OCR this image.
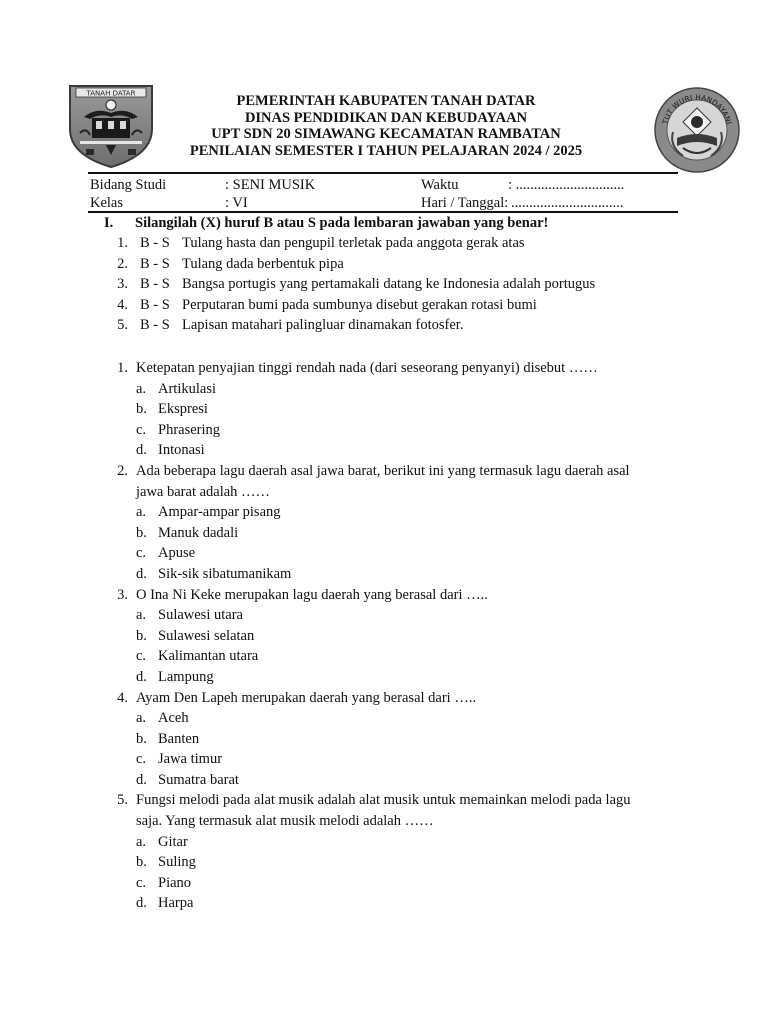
TANAH DATAR
TUT WURI HANDAYANI
PEMERINTAH KABUPATEN TANAH DATAR
DINAS PENDIDIKAN DAN KEBUDAYAAN
UPT SDN 20 SIMAWANG KECAMATAN RAMBATAN
PENILAIAN SEMESTER I TAHUN PELAJARAN 2024 / 2025
Bidang Studi	: SENI MUSIK	Waktu	: ..............................
Kelas	: VI	Hari / Tanggal: ...............................
I. Silangilah (X) huruf B atau S pada lembaran jawaban yang benar!
1. B - S Tulang hasta dan pengupil terletak pada anggota gerak atas
2. B - S Tulang dada berbentuk pipa
3. B - S Bangsa portugis yang pertamakali datang ke Indonesia adalah portugus
4. B - S Perputaran bumi pada sumbunya disebut gerakan rotasi bumi
5. B - S Lapisan matahari palingluar dinamakan fotosfer.
1. Ketepatan penyajian tinggi rendah nada (dari seseorang penyanyi) disebut ……
a. Artikulasi
b. Ekspresi
c. Phrasering
d. Intonasi
2. Ada beberapa lagu daerah asal jawa barat, berikut ini yang termasuk lagu daerah asal jawa barat adalah ……
a. Ampar-ampar pisang
b. Manuk dadali
c. Apuse
d. Sik-sik sibatumanikam
3. O Ina Ni Keke merupakan lagu daerah yang berasal dari …..
a. Sulawesi utara
b. Sulawesi selatan
c. Kalimantan utara
d. Lampung
4. Ayam Den Lapeh merupakan daerah yang berasal dari …..
a. Aceh
b. Banten
c. Jawa timur
d. Sumatra barat
5. Fungsi melodi pada alat musik adalah alat musik untuk memainkan melodi pada lagu saja. Yang termasuk alat musik melodi adalah ……
a. Gitar
b. Suling
c. Piano
d. Harpa
